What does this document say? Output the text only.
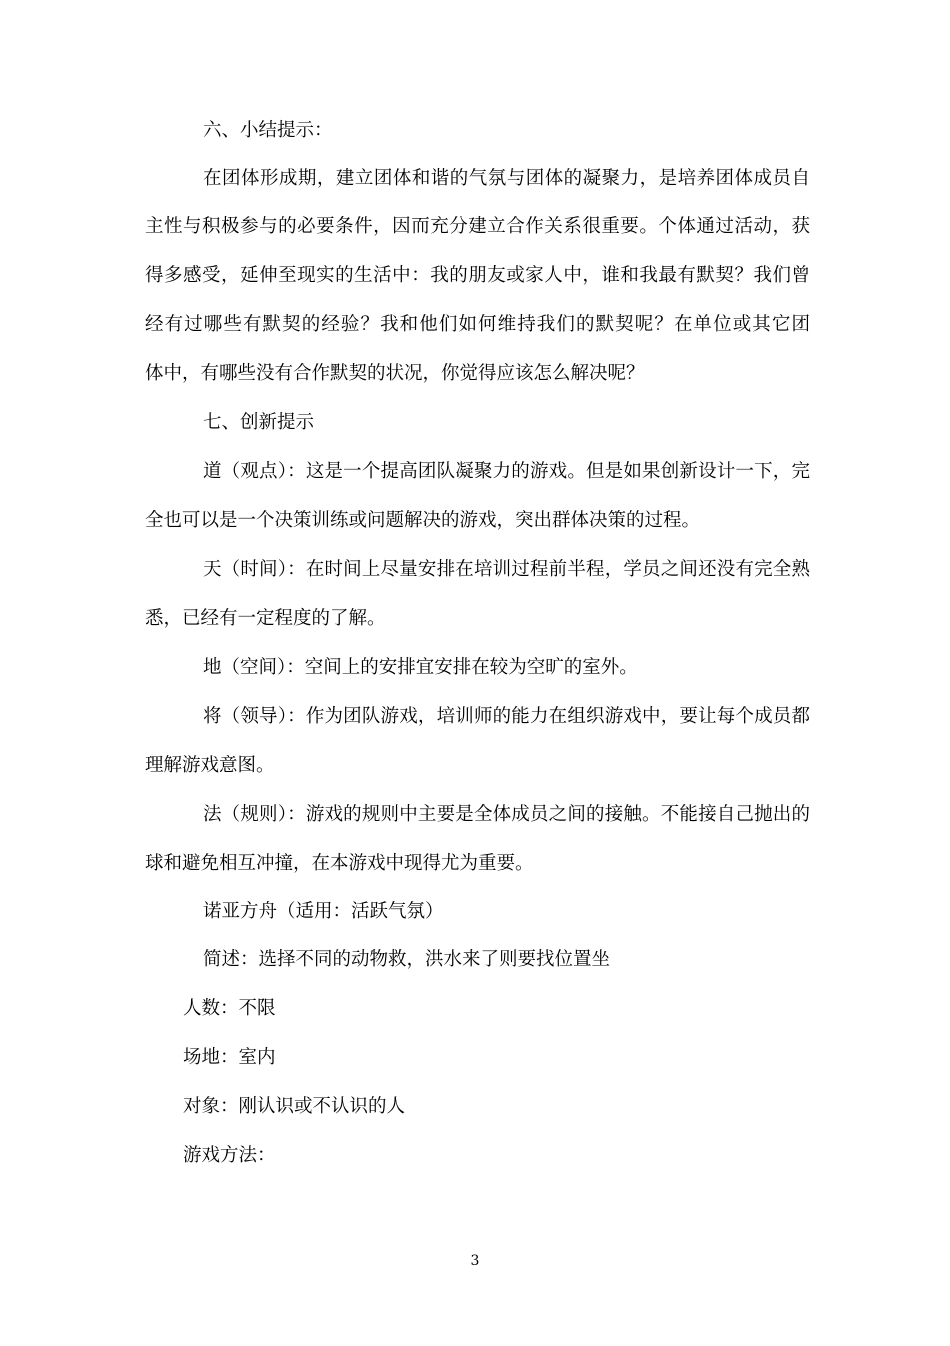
六、小结提示：
在团体形成期，建立团体和谐的气氛与团体的凝聚力，是培养团体成员自
主性与积极参与的必要条件，因而充分建立合作关系很重要。个体通过活动，获
得多感受，延伸至现实的生活中：我的朋友或家人中，谁和我最有默契？我们曾
经有过哪些有默契的经验？我和他们如何维持我们的默契呢？在单位或其它团
体中，有哪些没有合作默契的状况，你觉得应该怎么解决呢？
七、创新提示
道（观点）：这是一个提高团队凝聚力的游戏。但是如果创新设计一下，完
全也可以是一个决策训练或问题解决的游戏，突出群体决策的过程。
天（时间）：在时间上尽量安排在培训过程前半程，学员之间还没有完全熟
悉，已经有一定程度的了解。
地（空间）：空间上的安排宜安排在较为空旷的室外。
将（领导）：作为团队游戏，培训师的能力在组织游戏中，要让每个成员都
理解游戏意图。
法（规则）：游戏的规则中主要是全体成员之间的接触。不能接自己抛出的
球和避免相互冲撞，在本游戏中现得尤为重要。
诺亚方舟（适用：活跃气氛）
简述：选择不同的动物救，洪水来了则要找位置坐
人数：不限
场地：室内
对象：刚认识或不认识的人
游戏方法：
3
